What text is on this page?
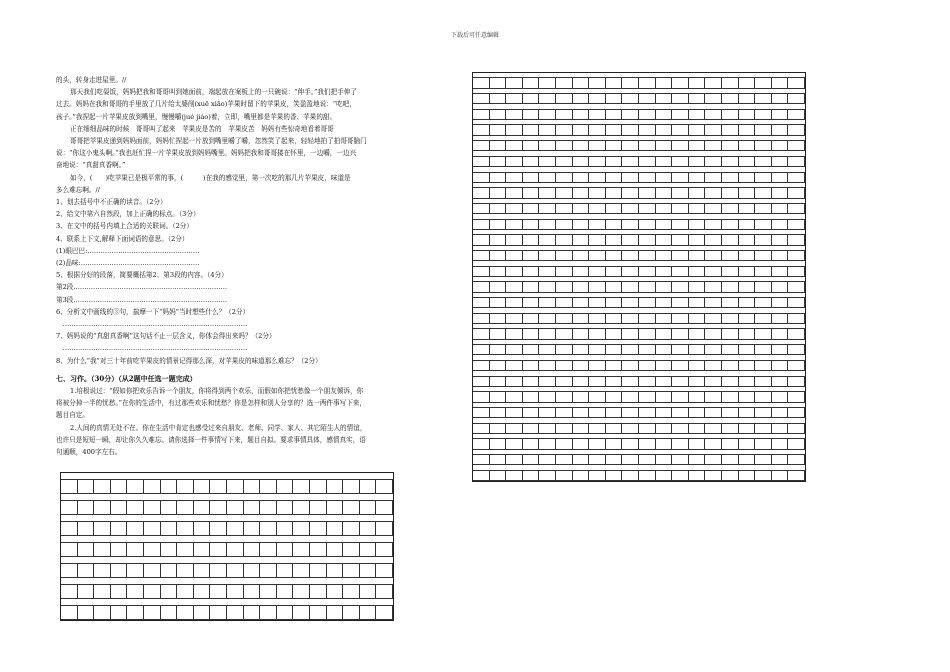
下载后可任意编辑

的头，转身走进屋里。//

那天我们吃晏饭，妈妈把我和哥哥叫到她面前，端起放在案板上的一只碗说：“伸手。”我们把手伸了

过去。妈妈在我和哥哥的手里放了几片给太婆削(xuē xiāo)苹果时留下的苹果皮，笑盈盈地说：“吃吧，

孩子。”我捏起一片苹果皮放到嘴里，慢慢嚼(jué jiáo)着，立即，嘴里都是苹果的香、苹果的甜。

正在细细品味的时候　哥哥叫了起来　苹果皮是苦的　苹果皮苦　妈妈有些惊奇地看着哥哥

哥哥把苹果皮递到妈妈面前，妈妈忙捏起一片放到嘴里嚼了嚼，忽然笑了起来，轻轻地拍了拍哥哥脑门

说：“你这小鬼头啊。”我也赶忙捏一片苹果皮放到妈妈嘴里。妈妈把我和哥哥搂在怀里，一边嚼，一边兴

奋地说：“真甜真香啊。”

如今，(　　)吃苹果已是极平常的事，(　　　)在我的感觉里，第一次吃的那几片苹果皮，味道是

多么难忘啊。//

1、划去括号中不正确的读音。（2分）

2、给文中第六自然段，加上正确的标点。（3分）

3、在文中的括号内填上合适的关联词。（2分）

4、联系上下文,解释下面词语的意思。（2分）

(1)眼巴巴:……………………………………………

(2)品味:………………………………………………

5、根据分好的段落，简要概括第2、第3段的内容。（4分）

第2段.……………………………………………………………

第3段.……………………………………………………………

6、分析文中画线的③句，揣摩一下“妈妈”当时想些什么？（2分）

　…………………………………………………………………………

7、妈妈说的“真甜真香啊”这句话不止一层含义，你体会得出来吗？（2分）

　…………………………………………………………………………

8、为什么“我”对三十年前吃苹果皮的情景记得那么深，对苹果皮的味道那么难忘？（2分）

七、习作。（30分）（从2题中任选一题完成）

1.培根说过：“假如你把欢乐告诉一个朋友，你将得到两个欢乐，而假如你把忧愁像一个朋友倾诉，你

将被分掉一半的忧愁。”在你的生活中，有过那些欢乐和忧愁？你是怎样和别人分享的？选一两件事写下来，

题目自定。

2.人间的真情无处不在。你在生活中肯定也感受过来自朋友、老师、同学、家人、其它陌生人的情谊，

也许只是短短一瞬，却让你久久难忘。请你选择一件事情写下来，题目自拟。要求事情具体，感情真实，语

句通顺，400字左右。
